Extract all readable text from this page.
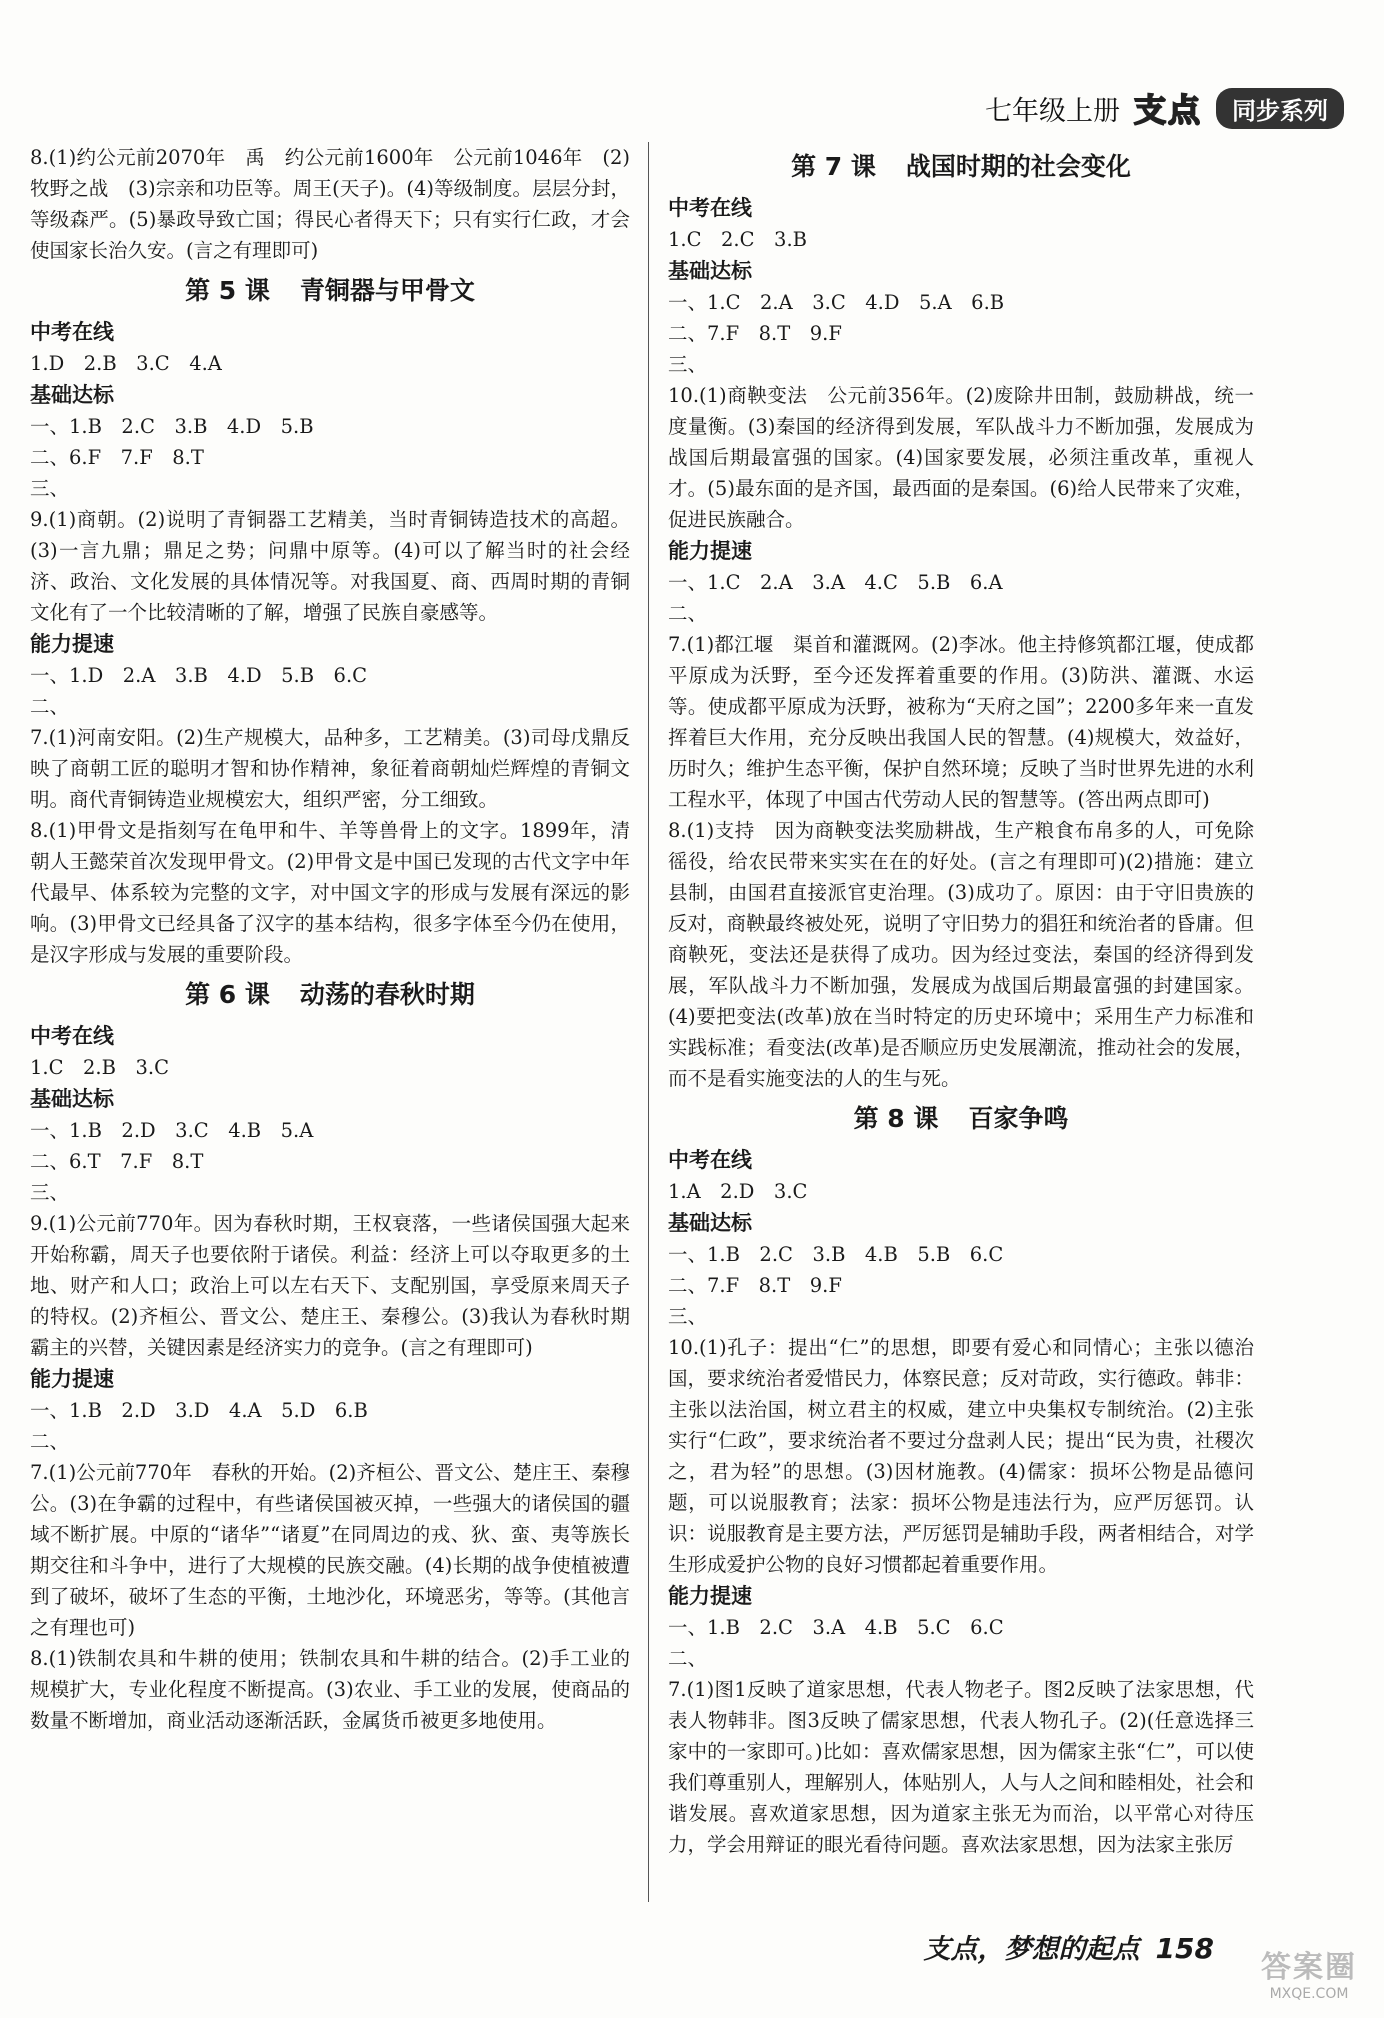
七年级上册 支点	同步系列

8.(1)约公元前2070年　禹　约公元前1600年　公元前1046年　(2)牧野之战　(3)宗亲和功臣等。周王(天子)。(4)等级制度。层层分封，等级森严。(5)暴政导致亡国；得民心者得天下；只有实行仁政，才会使国家长治久安。(言之有理即可)

第 5 课 青铜器与甲骨文
中考在线
1.D　2.B　3.C　4.A
基础达标
一、1.B　2.C　3.B　4.D　5.B
二、6.F　7.F　8.T
三、

9.(1)商朝。(2)说明了青铜器工艺精美，当时青铜铸造技术的高超。(3)一言九鼎；鼎足之势；问鼎中原等。(4)可以了解当时的社会经济、政治、文化发展的具体情况等。对我国夏、商、西周时期的青铜文化有了一个比较清晰的了解，增强了民族自豪感等。

能力提速
一、1.D　2.A　3.B　4.D　5.B　6.C
二、

7.(1)河南安阳。(2)生产规模大，品种多，工艺精美。(3)司母戊鼎反映了商朝工匠的聪明才智和协作精神，象征着商朝灿烂辉煌的青铜文明。商代青铜铸造业规模宏大，组织严密，分工细致。

8.(1)甲骨文是指刻写在龟甲和牛、羊等兽骨上的文字。1899年，清朝人王懿荣首次发现甲骨文。(2)甲骨文是中国已发现的古代文字中年代最早、体系较为完整的文字，对中国文字的形成与发展有深远的影响。(3)甲骨文已经具备了汉字的基本结构，很多字体至今仍在使用，是汉字形成与发展的重要阶段。

第 6 课 动荡的春秋时期
中考在线
1.C　2.B　3.C
基础达标
一、1.B　2.D　3.C　4.B　5.A
二、6.T　7.F　8.T
三、

9.(1)公元前770年。因为春秋时期，王权衰落，一些诸侯国强大起来开始称霸，周天子也要依附于诸侯。利益：经济上可以夺取更多的土地、财产和人口；政治上可以左右天下、支配别国，享受原来周天子的特权。(2)齐桓公、晋文公、楚庄王、秦穆公。(3)我认为春秋时期霸主的兴替，关键因素是经济实力的竞争。(言之有理即可)

能力提速
一、1.B　2.D　3.D　4.A　5.D　6.B
二、

7.(1)公元前770年　春秋的开始。(2)齐桓公、晋文公、楚庄王、秦穆公。(3)在争霸的过程中，有些诸侯国被灭掉，一些强大的诸侯国的疆域不断扩展。中原的“诸华”“诸夏”在同周边的戎、狄、蛮、夷等族长期交往和斗争中，进行了大规模的民族交融。(4)长期的战争使植被遭到了破坏，破坏了生态的平衡，土地沙化，环境恶劣，等等。(其他言之有理也可)

8.(1)铁制农具和牛耕的使用；铁制农具和牛耕的结合。(2)手工业的规模扩大，专业化程度不断提高。(3)农业、手工业的发展，使商品的数量不断增加，商业活动逐渐活跃，金属货币被更多地使用。

第 7 课 战国时期的社会变化
中考在线
1.C　2.C　3.B
基础达标
一、1.C　2.A　3.C　4.D　5.A　6.B
二、7.F　8.T　9.F
三、

10.(1)商鞅变法　公元前356年。(2)废除井田制，鼓励耕战，统一度量衡。(3)秦国的经济得到发展，军队战斗力不断加强，发展成为战国后期最富强的国家。(4)国家要发展，必须注重改革，重视人才。(5)最东面的是齐国，最西面的是秦国。(6)给人民带来了灾难，促进民族融合。

能力提速
一、1.C　2.A　3.A　4.C　5.B　6.A
二、

7.(1)都江堰　渠首和灌溉网。(2)李冰。他主持修筑都江堰，使成都平原成为沃野，至今还发挥着重要的作用。(3)防洪、灌溉、水运等。使成都平原成为沃野，被称为“天府之国”；2200多年来一直发挥着巨大作用，充分反映出我国人民的智慧。(4)规模大，效益好，历时久；维护生态平衡，保护自然环境；反映了当时世界先进的水利工程水平，体现了中国古代劳动人民的智慧等。(答出两点即可)

8.(1)支持　因为商鞅变法奖励耕战，生产粮食布帛多的人，可免除徭役，给农民带来实实在在的好处。(言之有理即可)(2)措施：建立县制，由国君直接派官吏治理。(3)成功了。原因：由于守旧贵族的反对，商鞅最终被处死，说明了守旧势力的猖狂和统治者的昏庸。但商鞅死，变法还是获得了成功。因为经过变法，秦国的经济得到发展，军队战斗力不断加强，发展成为战国后期最富强的封建国家。(4)要把变法(改革)放在当时特定的历史环境中；采用生产力标准和实践标准；看变法(改革)是否顺应历史发展潮流，推动社会的发展，而不是看实施变法的人的生与死。

第 8 课 百家争鸣
中考在线
1.A　2.D　3.C
基础达标
一、1.B　2.C　3.B　4.B　5.B　6.C
二、7.F　8.T　9.F
三、

10.(1)孔子：提出“仁”的思想，即要有爱心和同情心；主张以德治国，要求统治者爱惜民力，体察民意；反对苛政，实行德政。韩非：主张以法治国，树立君主的权威，建立中央集权专制统治。(2)主张实行“仁政”，要求统治者不要过分盘剥人民；提出“民为贵，社稷次之，君为轻”的思想。(3)因材施教。(4)儒家：损坏公物是品德问题，可以说服教育；法家：损坏公物是违法行为，应严厉惩罚。认识：说服教育是主要方法，严厉惩罚是辅助手段，两者相结合，对学生形成爱护公物的良好习惯都起着重要作用。

能力提速
一、1.B　2.C　3.A　4.B　5.C　6.C
二、

7.(1)图1反映了道家思想，代表人物老子。图2反映了法家思想，代表人物韩非。图3反映了儒家思想，代表人物孔子。(2)(任意选择三家中的一家即可。)比如：喜欢儒家思想，因为儒家主张“仁”，可以使我们尊重别人，理解别人，体贴别人，人与人之间和睦相处，社会和谐发展。喜欢道家思想，因为道家主张无为而治，以平常心对待压力，学会用辩证的眼光看待问题。喜欢法家思想，因为法家主张厉

支点，梦想的起点 158
答案圈
MXQE.COM
